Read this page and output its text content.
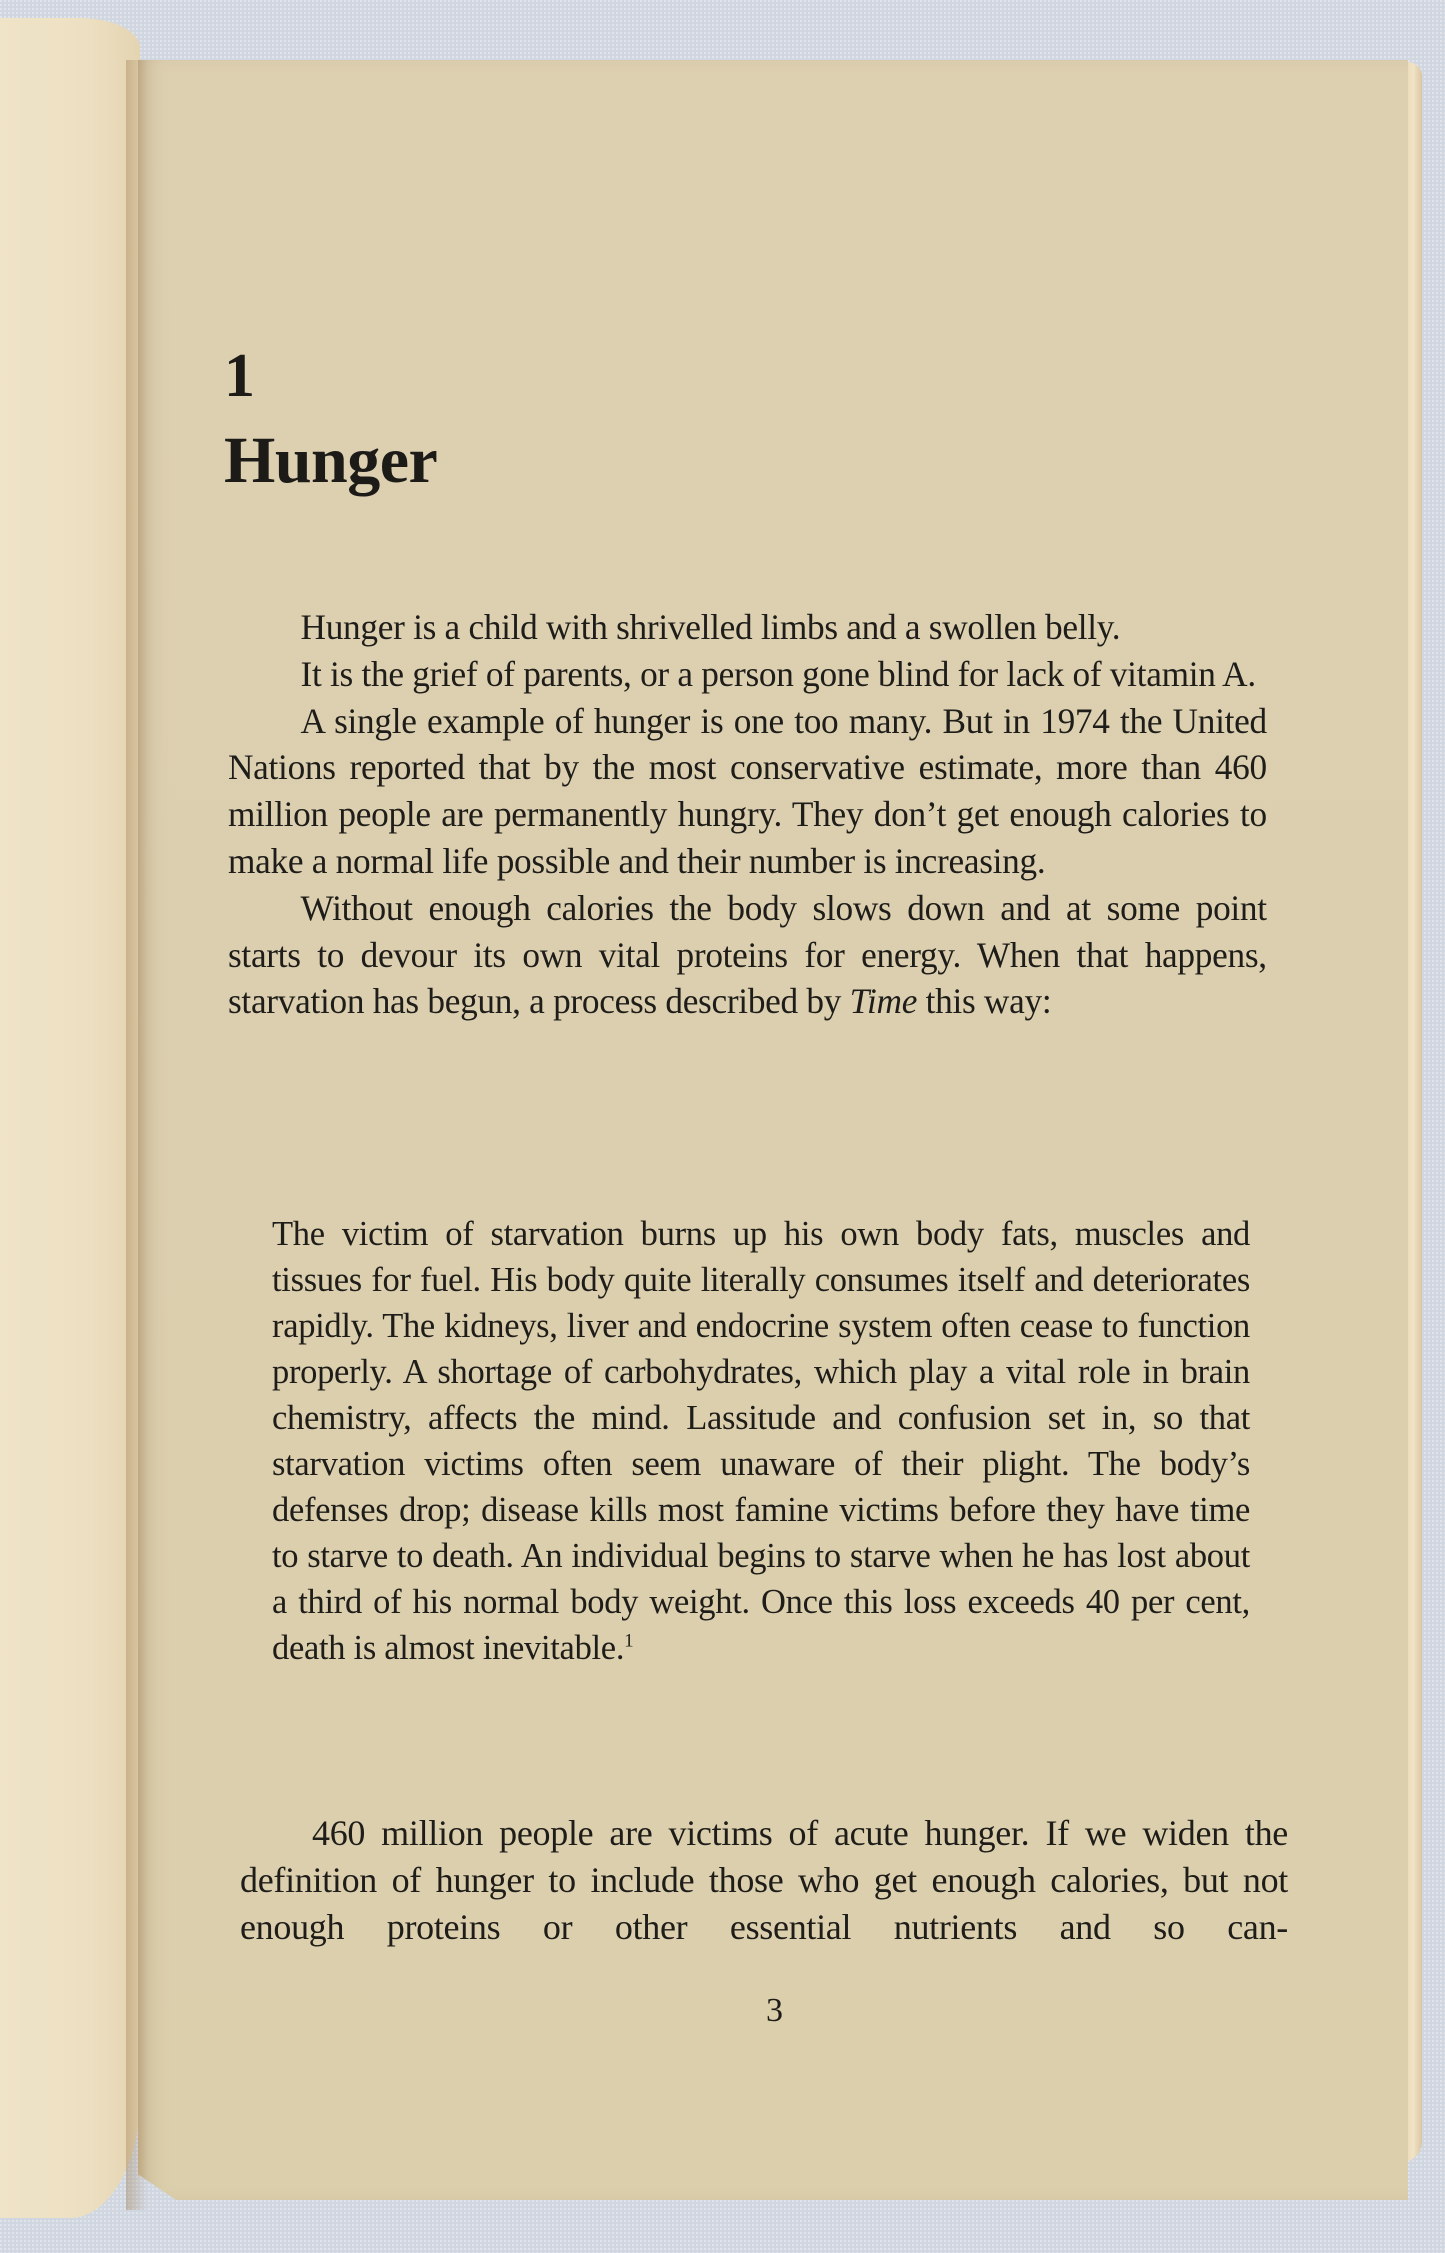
1
Hunger

Hunger is a child with shrivelled limbs and a swollen belly.

It is the grief of parents, or a person gone blind for lack of vitamin A.

A single example of hunger is one too many. But in 1974 the United Nations reported that by the most conservative estimate, more than 460 million people are permanently hungry. They don’t get enough calories to make a normal life possible and their number is increasing.

Without enough calories the body slows down and at some point starts to devour its own vital proteins for energy. When that happens, starvation has begun, a process described by Time this way:

The victim of starvation burns up his own body fats, muscles and tissues for fuel. His body quite literally consumes itself and deteriorates rapidly. The kidneys, liver and endocrine system often cease to function properly. A shortage of carbohydrates, which play a vital role in brain chemistry, affects the mind. Lassitude and confusion set in, so that starvation victims often seem unaware of their plight. The body’s defenses drop; disease kills most famine victims before they have time to starve to death. An individual begins to starve when he has lost about a third of his normal body weight. Once this loss exceeds 40 per cent, death is almost inevitable.$^1$

460 million people are victims of acute hunger. If we widen the definition of hunger to include those who get enough calories, but not enough proteins or other essential nutrients and so can-

3
